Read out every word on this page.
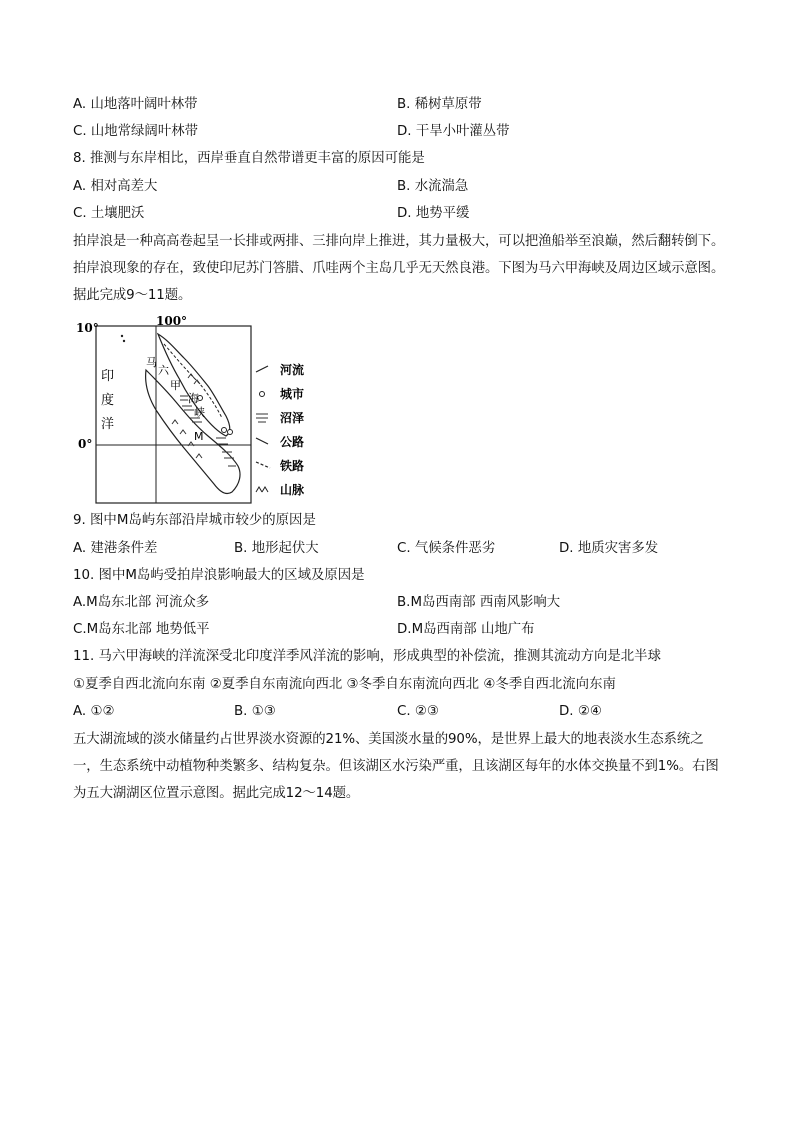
A. 山地落叶阔叶林带	B. 稀树草原带
C. 山地常绿阔叶林带	D. 干旱小叶灌丛带
8. 推测与东岸相比，西岸垂直自然带谱更丰富的原因可能是
A. 相对高差大	B. 水流湍急
C. 土壤肥沃	D. 地势平缓
拍岸浪是一种高高卷起呈一长排或两排、三排向岸上推进，其力量极大，可以把渔船举至浪巅，然后翻转倒下。拍岸浪现象的存在，致使印尼苏门答腊、爪哇两个主岛几乎无天然良港。下图为马六甲海峡及周边区域示意图。据此完成9～11题。
10°
0°
100°
印
度
洋
马
六
甲
海
峡
M
河流
城市
沼泽
公路
铁路
山脉
9. 图中M岛屿东部沿岸城市较少的原因是
A. 建港条件差	B. 地形起伏大	C. 气候条件恶劣	D. 地质灾害多发
10. 图中M岛屿受拍岸浪影响最大的区域及原因是
A.M岛东北部 河流众多	B.M岛西南部 西南风影响大
C.M岛东北部 地势低平	D.M岛西南部 山地广布
11. 马六甲海峡的洋流深受北印度洋季风洋流的影响，形成典型的补偿流，推测其流动方向是北半球
①夏季自西北流向东南 ②夏季自东南流向西北 ③冬季自东南流向西北 ④冬季自西北流向东南
A. ①②	B. ①③	C. ②③	D. ②④
五大湖流域的淡水储量约占世界淡水资源的21%、美国淡水量的90%，是世界上最大的地表淡水生态系统之一，生态系统中动植物种类繁多、结构复杂。但该湖区水污染严重，且该湖区每年的水体交换量不到1%。右图为五大湖湖区位置示意图。据此完成12～14题。
